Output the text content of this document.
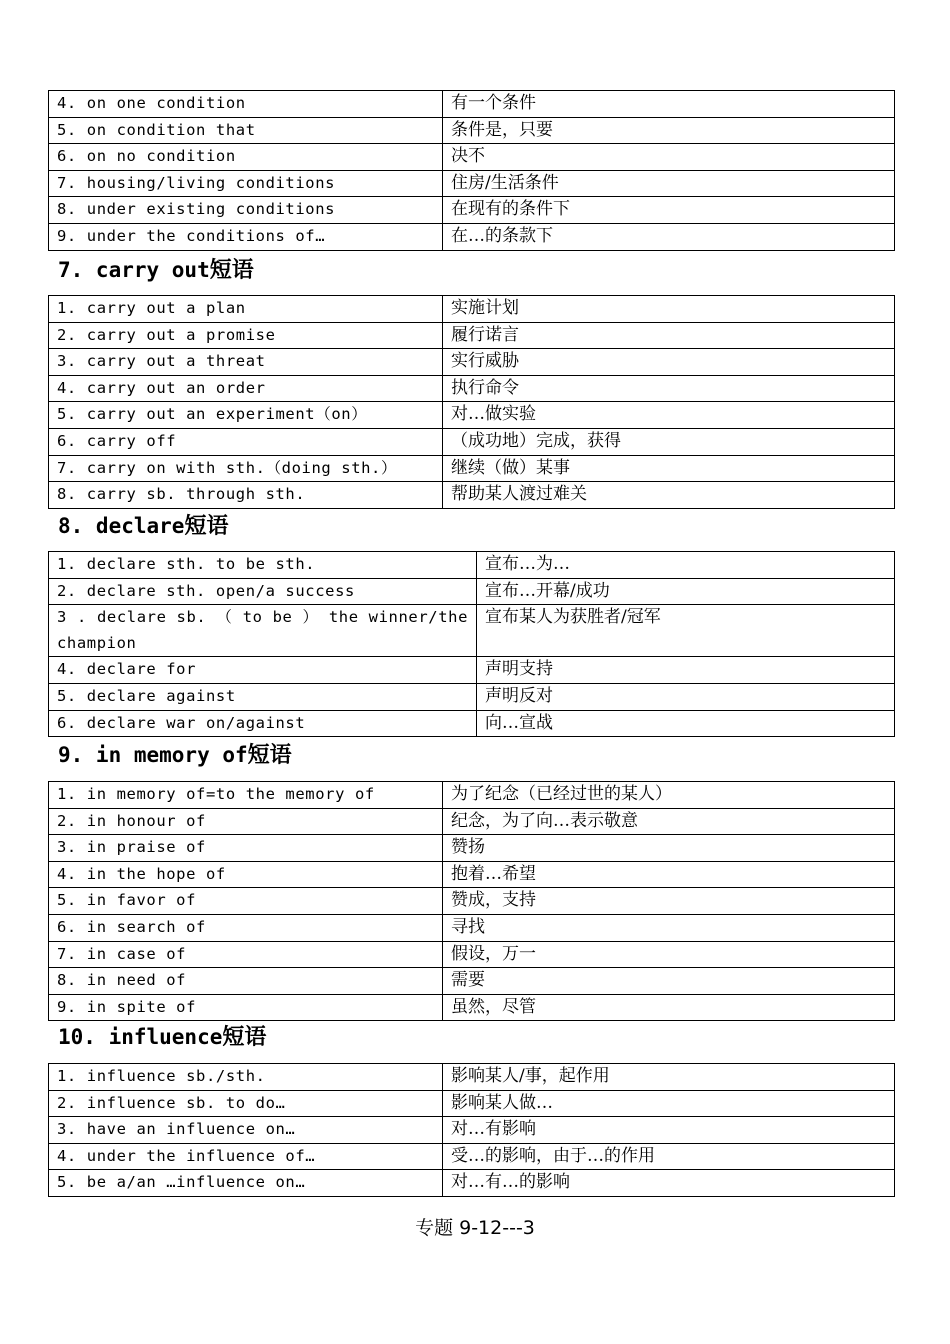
4. on one condition	有一个条件
5. on condition that	条件是，只要
6. on no condition	决不
7. housing/living conditions	住房/生活条件
8. under existing conditions	在现有的条件下
9. under the conditions of…	在…的条款下
7. carry out短语
1. carry out a plan	实施计划
2. carry out a promise	履行诺言
3. carry out a threat	实行威胁
4. carry out an order	执行命令
5. carry out an experiment（on）	对…做实验
6. carry off	（成功地）完成，获得
7. carry on with sth.（doing sth.）	继续（做）某事
8. carry sb. through sth.	帮助某人渡过难关
8. declare短语
1. declare sth. to be sth.	宣布…为…
2. declare sth. open/a success	宣布…开幕/成功
3 . declare sb. （ to be ） the winner/the champion	宣布某人为获胜者/冠军
4. declare for	声明支持
5. declare against	声明反对
6. declare war on/against	向…宣战
9. in memory of短语
1. in memory of=to the memory of	为了纪念（已经过世的某人）
2. in honour of	纪念，为了向…表示敬意
3. in praise of	赞扬
4. in the hope of	抱着…希望
5. in favor of	赞成，支持
6. in search of	寻找
7. in case of	假设，万一
8. in need of	需要
9. in spite of	虽然，尽管
10. influence短语
1. influence sb./sth.	影响某人/事，起作用
2. influence sb. to do…	影响某人做…
3. have an influence on…	对…有影响
4. under the influence of…	受…的影响，由于…的作用
5. be a/an …influence on…	对…有…的影响
专题 9-12---3
